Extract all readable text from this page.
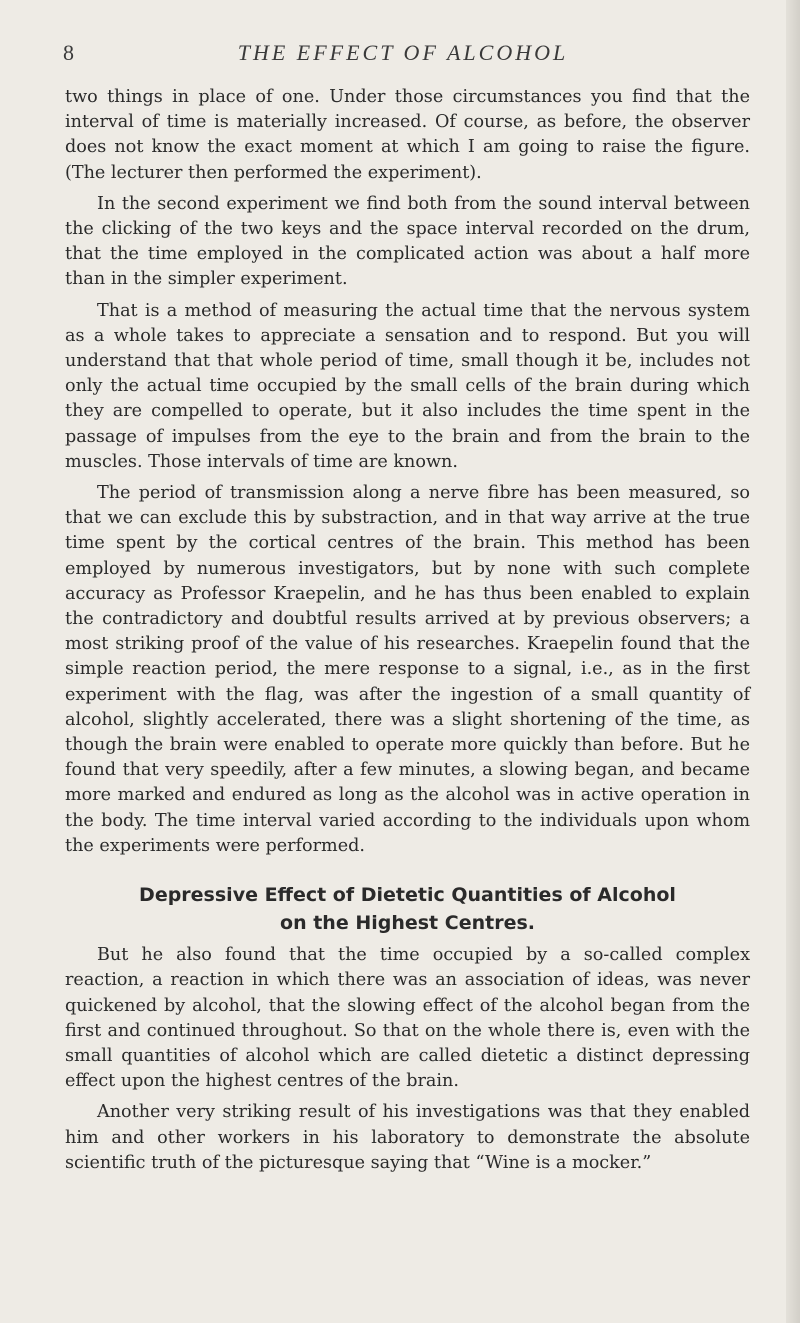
8	THE EFFECT OF ALCOHOL

two things in place of one. Under those circumstances you find that the interval of time is materially increased. Of course, as before, the observer does not know the exact moment at which I am going to raise the figure. (The lecturer then performed the experiment).

In the second experiment we find both from the sound interval between the clicking of the two keys and the space interval recorded on the drum, that the time employed in the complicated action was about a half more than in the simpler experiment.

That is a method of measuring the actual time that the nervous system as a whole takes to appreciate a sensation and to respond. But you will understand that that whole period of time, small though it be, includes not only the actual time occupied by the small cells of the brain during which they are compelled to operate, but it also includes the time spent in the passage of impulses from the eye to the brain and from the brain to the muscles. Those intervals of time are known.

The period of transmission along a nerve fibre has been measured, so that we can exclude this by substraction, and in that way arrive at the true time spent by the cortical centres of the brain. This method has been employed by numerous investigators, but by none with such complete accuracy as Professor Kraepelin, and he has thus been enabled to explain the contradictory and doubtful results arrived at by previous observers; a most striking proof of the value of his researches. Kraepelin found that the simple reaction period, the mere response to a signal, i.e., as in the first experiment with the flag, was after the ingestion of a small quantity of alcohol, slightly accelerated, there was a slight shortening of the time, as though the brain were enabled to operate more quickly than before. But he found that very speedily, after a few minutes, a slowing began, and became more marked and endured as long as the alcohol was in active operation in the body. The time interval varied according to the individuals upon whom the experiments were performed.

Depressive Effect of Dietetic Quantities of Alcohol
on the Highest Centres.

But he also found that the time occupied by a so-called complex reaction, a reaction in which there was an association of ideas, was never quickened by alcohol, that the slowing effect of the alcohol began from the first and continued throughout. So that on the whole there is, even with the small quantities of alcohol which are called dietetic a distinct depressing effect upon the highest centres of the brain.

Another very striking result of his investigations was that they enabled him and other workers in his laboratory to demonstrate the absolute scientific truth of the picturesque saying that “Wine is a mocker.”
